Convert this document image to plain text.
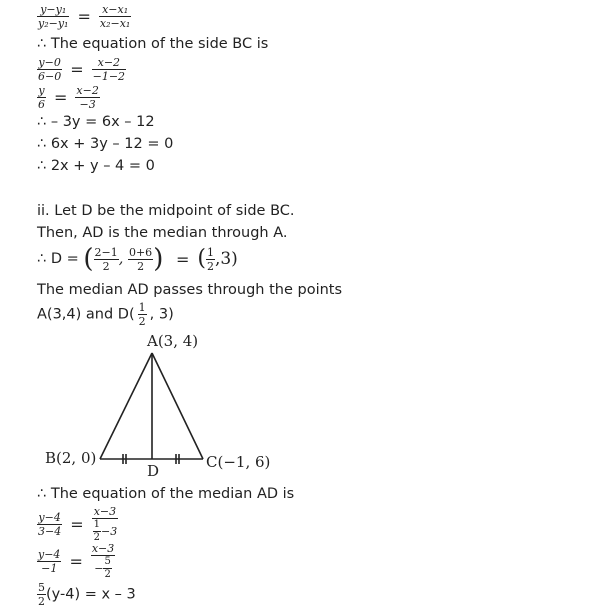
$\frac{\text{y−y₁}}{\text{y₂−y₁}} = \frac{\text{x−x₁}}{\text{x₂−x₁}}$
∴ The equation of the side BC is
$\frac{y-0}{6-0} = \frac{x-2}{-1-2}$
$\frac{y}{6} = \frac{x-2}{-3}$
∴ – 3y = 6x – 12
∴ 6x + 3y – 12 = 0
∴ 2x + y – 4 = 0
ii. Let D be the midpoint of side BC.
Then, AD is the median through A.
∴ D = ( $\frac{2-1}{2}$ , $\frac{0+6}{2}$ ) = ( $\frac{1}{2} ,3$)
The median AD passes through the points
A(3,4) and $D( \frac{1}{2}$ , 3)
A(3, 4)
B(2, 0)	C(−1, 6)
D
∴ The equation of the median AD is
$\frac{y-4}{3-4} = \frac{x-3}{\frac{1}{2} -3}$
$\frac{y-4}{-1} = \frac{x-3}{- \frac{5}{2}}$
$\frac{5}{2} (y-4) = x - 3$
